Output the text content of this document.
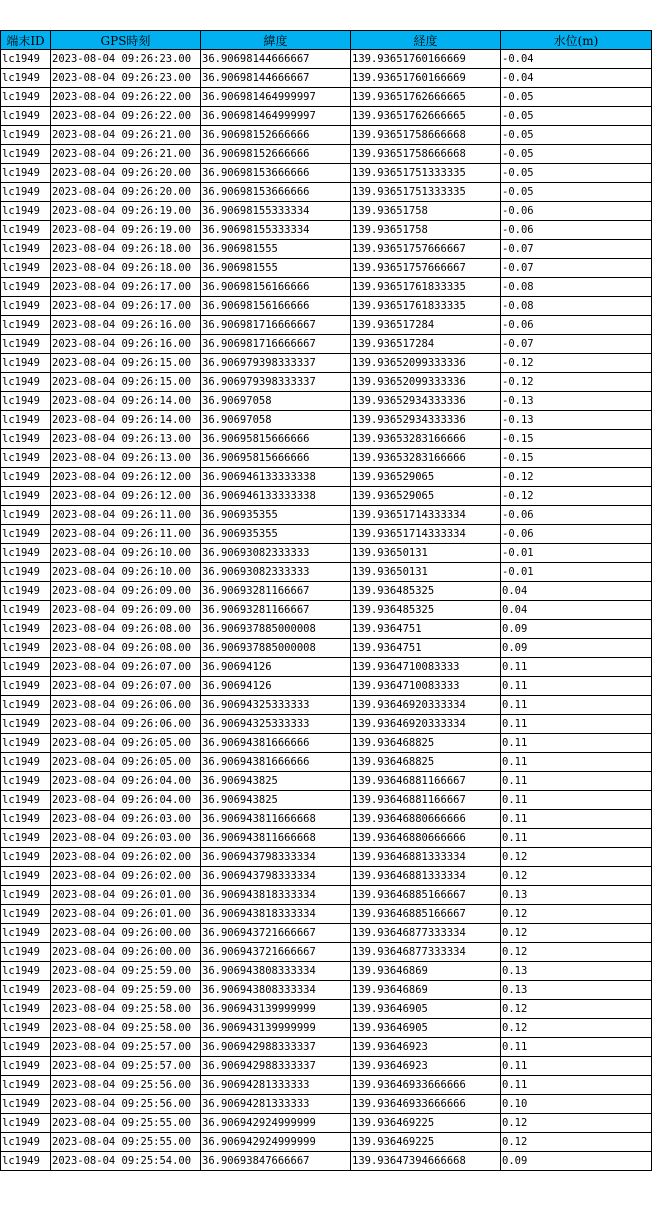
端末ID	GPS時刻	緯度	経度	水位(m)
lc1949	2023-08-04 09:26:23.00	36.90698144666667	139.93651760166669	-0.04
lc1949	2023-08-04 09:26:23.00	36.90698144666667	139.93651760166669	-0.04
lc1949	2023-08-04 09:26:22.00	36.906981464999997	139.93651762666665	-0.05
lc1949	2023-08-04 09:26:22.00	36.906981464999997	139.93651762666665	-0.05
lc1949	2023-08-04 09:26:21.00	36.90698152666666	139.93651758666668	-0.05
lc1949	2023-08-04 09:26:21.00	36.90698152666666	139.93651758666668	-0.05
lc1949	2023-08-04 09:26:20.00	36.90698153666666	139.93651751333335	-0.05
lc1949	2023-08-04 09:26:20.00	36.90698153666666	139.93651751333335	-0.05
lc1949	2023-08-04 09:26:19.00	36.90698155333334	139.93651758	-0.06
lc1949	2023-08-04 09:26:19.00	36.90698155333334	139.93651758	-0.06
lc1949	2023-08-04 09:26:18.00	36.906981555	139.93651757666667	-0.07
lc1949	2023-08-04 09:26:18.00	36.906981555	139.93651757666667	-0.07
lc1949	2023-08-04 09:26:17.00	36.90698156166666	139.93651761833335	-0.08
lc1949	2023-08-04 09:26:17.00	36.90698156166666	139.93651761833335	-0.08
lc1949	2023-08-04 09:26:16.00	36.906981716666667	139.936517284	-0.06
lc1949	2023-08-04 09:26:16.00	36.906981716666667	139.936517284	-0.07
lc1949	2023-08-04 09:26:15.00	36.906979398333337	139.93652099333336	-0.12
lc1949	2023-08-04 09:26:15.00	36.906979398333337	139.93652099333336	-0.12
lc1949	2023-08-04 09:26:14.00	36.90697058	139.93652934333336	-0.13
lc1949	2023-08-04 09:26:14.00	36.90697058	139.93652934333336	-0.13
lc1949	2023-08-04 09:26:13.00	36.90695815666666	139.93653283166666	-0.15
lc1949	2023-08-04 09:26:13.00	36.90695815666666	139.93653283166666	-0.15
lc1949	2023-08-04 09:26:12.00	36.906946133333338	139.936529065	-0.12
lc1949	2023-08-04 09:26:12.00	36.906946133333338	139.936529065	-0.12
lc1949	2023-08-04 09:26:11.00	36.906935355	139.93651714333334	-0.06
lc1949	2023-08-04 09:26:11.00	36.906935355	139.93651714333334	-0.06
lc1949	2023-08-04 09:26:10.00	36.90693082333333	139.93650131	-0.01
lc1949	2023-08-04 09:26:10.00	36.90693082333333	139.93650131	-0.01
lc1949	2023-08-04 09:26:09.00	36.90693281166667	139.936485325	0.04
lc1949	2023-08-04 09:26:09.00	36.90693281166667	139.936485325	0.04
lc1949	2023-08-04 09:26:08.00	36.906937885000008	139.9364751	0.09
lc1949	2023-08-04 09:26:08.00	36.906937885000008	139.9364751	0.09
lc1949	2023-08-04 09:26:07.00	36.90694126	139.9364710083333	0.11
lc1949	2023-08-04 09:26:07.00	36.90694126	139.9364710083333	0.11
lc1949	2023-08-04 09:26:06.00	36.90694325333333	139.93646920333334	0.11
lc1949	2023-08-04 09:26:06.00	36.90694325333333	139.93646920333334	0.11
lc1949	2023-08-04 09:26:05.00	36.90694381666666	139.936468825	0.11
lc1949	2023-08-04 09:26:05.00	36.90694381666666	139.936468825	0.11
lc1949	2023-08-04 09:26:04.00	36.906943825	139.93646881166667	0.11
lc1949	2023-08-04 09:26:04.00	36.906943825	139.93646881166667	0.11
lc1949	2023-08-04 09:26:03.00	36.906943811666668	139.93646880666666	0.11
lc1949	2023-08-04 09:26:03.00	36.906943811666668	139.93646880666666	0.11
lc1949	2023-08-04 09:26:02.00	36.906943798333334	139.93646881333334	0.12
lc1949	2023-08-04 09:26:02.00	36.906943798333334	139.93646881333334	0.12
lc1949	2023-08-04 09:26:01.00	36.906943818333334	139.93646885166667	0.13
lc1949	2023-08-04 09:26:01.00	36.906943818333334	139.93646885166667	0.12
lc1949	2023-08-04 09:26:00.00	36.906943721666667	139.93646877333334	0.12
lc1949	2023-08-04 09:26:00.00	36.906943721666667	139.93646877333334	0.12
lc1949	2023-08-04 09:25:59.00	36.906943808333334	139.93646869	0.13
lc1949	2023-08-04 09:25:59.00	36.906943808333334	139.93646869	0.13
lc1949	2023-08-04 09:25:58.00	36.906943139999999	139.93646905	0.12
lc1949	2023-08-04 09:25:58.00	36.906943139999999	139.93646905	0.12
lc1949	2023-08-04 09:25:57.00	36.906942988333337	139.93646923	0.11
lc1949	2023-08-04 09:25:57.00	36.906942988333337	139.93646923	0.11
lc1949	2023-08-04 09:25:56.00	36.90694281333333	139.93646933666666	0.11
lc1949	2023-08-04 09:25:56.00	36.90694281333333	139.93646933666666	0.10
lc1949	2023-08-04 09:25:55.00	36.906942924999999	139.936469225	0.12
lc1949	2023-08-04 09:25:55.00	36.906942924999999	139.936469225	0.12
lc1949	2023-08-04 09:25:54.00	36.90693847666667	139.93647394666668	0.09
